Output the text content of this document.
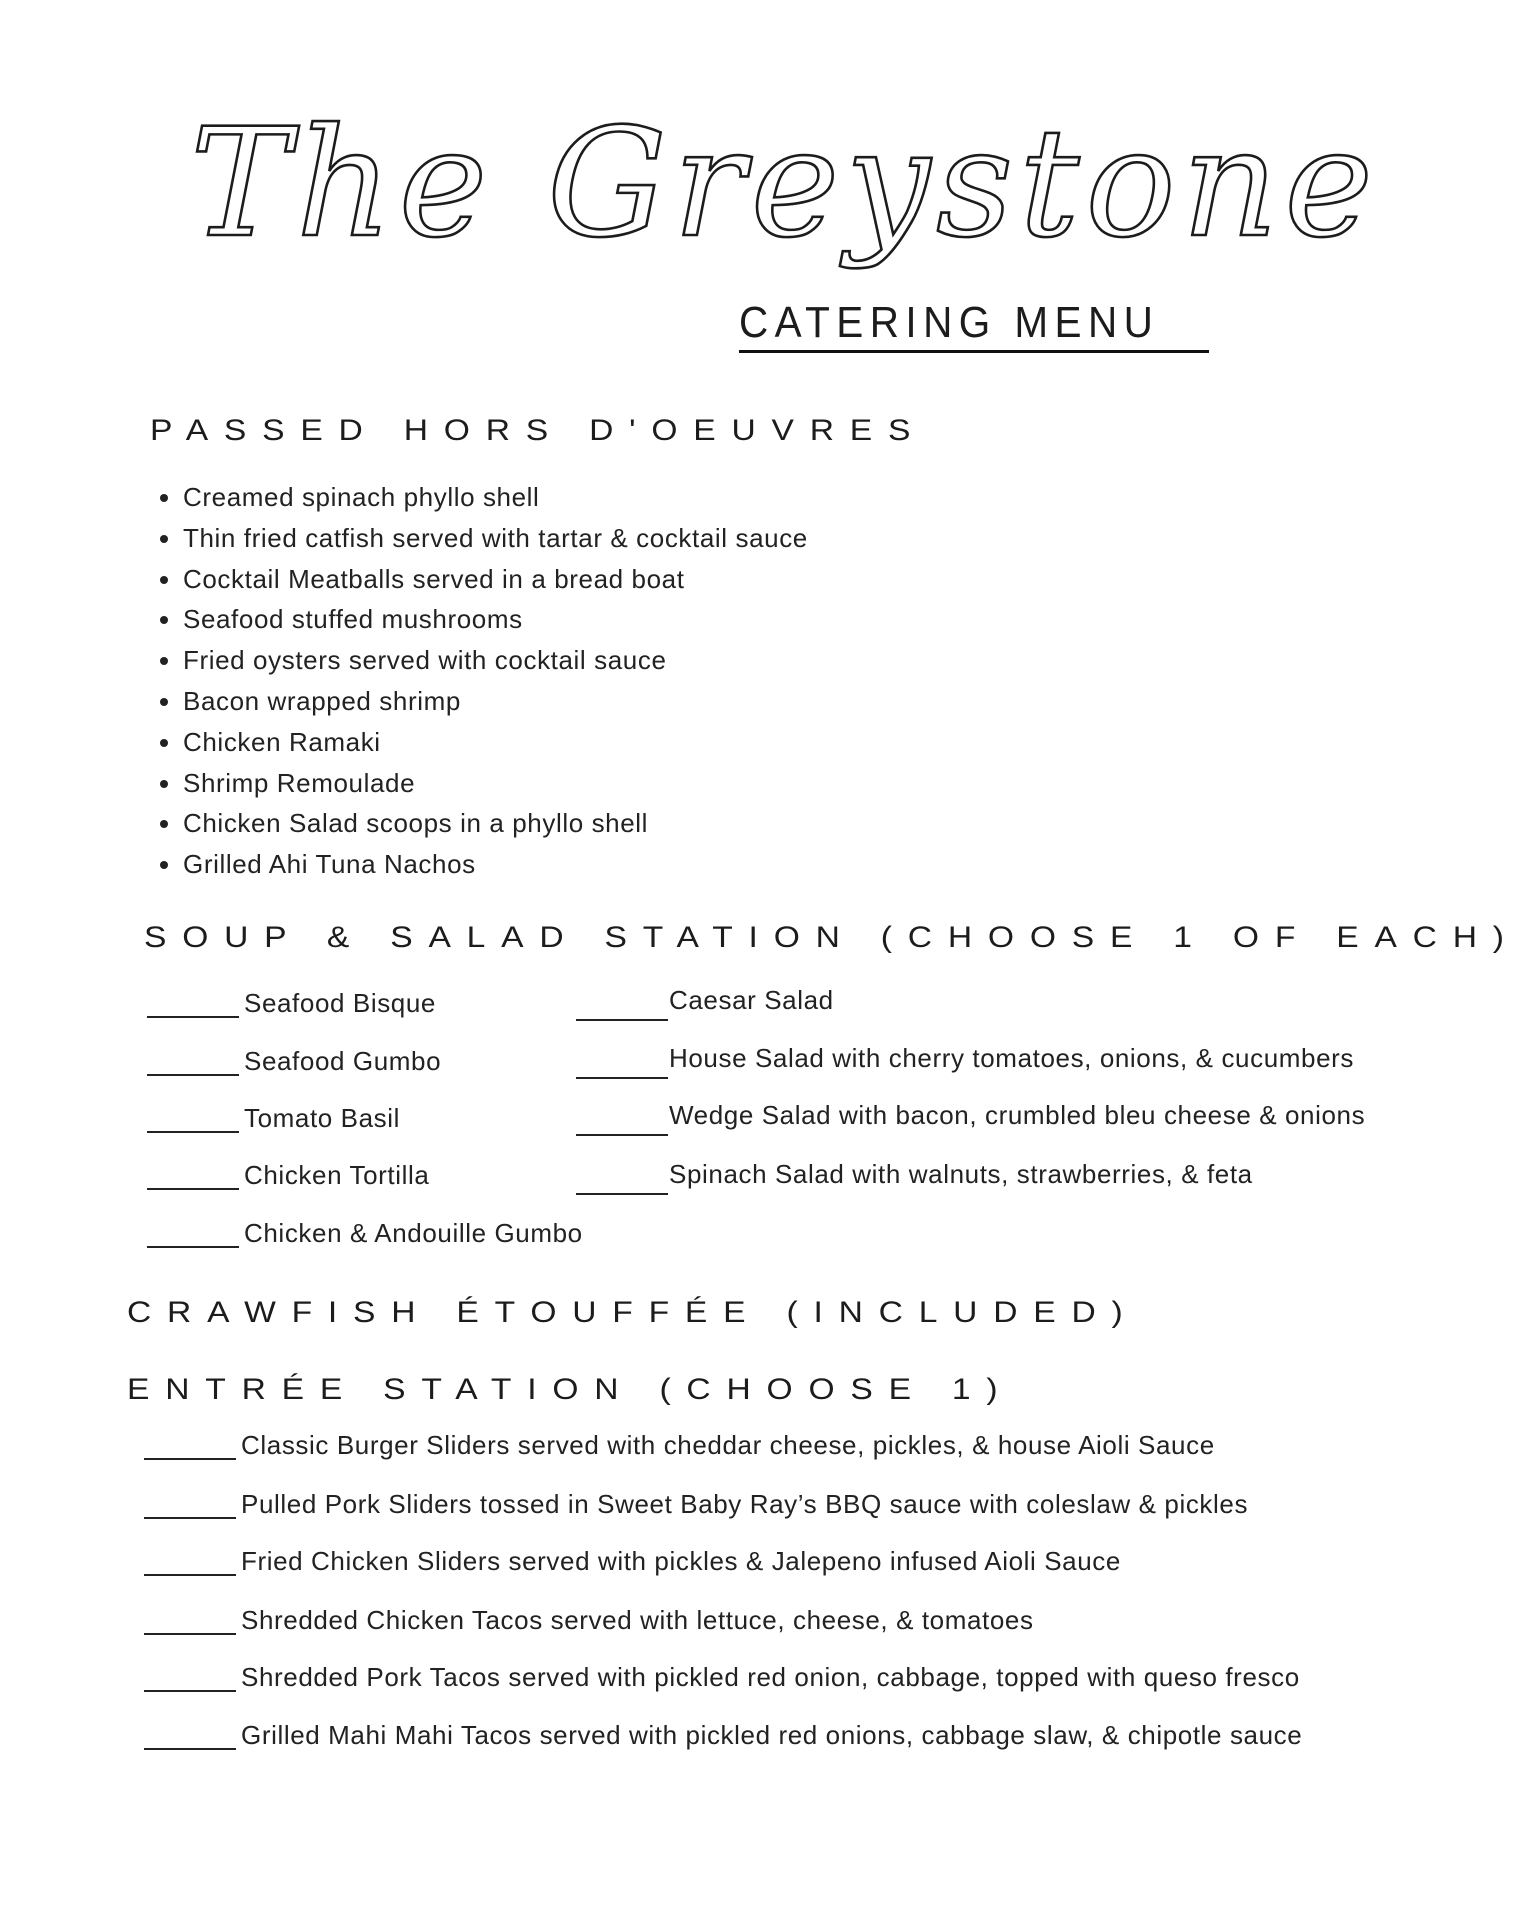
The Greystone
CATERING MENU
PASSED HORS D'OEUVRES
• Creamed spinach phyllo shell
• Thin fried catfish served with tartar & cocktail sauce
• Cocktail Meatballs served in a bread boat
• Seafood stuffed mushrooms
• Fried oysters served with cocktail sauce
• Bacon wrapped shrimp
• Chicken Ramaki
• Shrimp Remoulade
• Chicken Salad scoops in a phyllo shell
• Grilled Ahi Tuna Nachos
SOUP & SALAD STATION (CHOOSE 1 OF EACH)
Seafood Bisque
Seafood Gumbo
Tomato Basil
Chicken Tortilla
Chicken & Andouille Gumbo
Caesar Salad
House Salad with cherry tomatoes, onions, & cucumbers
Wedge Salad with bacon, crumbled bleu cheese & onions
Spinach Salad with walnuts, strawberries, & feta
CRAWFISH ÉTOUFFÉE (INCLUDED)
ENTRÉE STATION (CHOOSE 1)
Classic Burger Sliders served with cheddar cheese, pickles, & house Aioli Sauce
Pulled Pork Sliders tossed in Sweet Baby Ray’s BBQ sauce with coleslaw & pickles
Fried Chicken Sliders served with pickles & Jalepeno infused Aioli Sauce
Shredded Chicken Tacos served with lettuce, cheese, & tomatoes
Shredded Pork Tacos served with pickled red onion, cabbage, topped with queso fresco
Grilled Mahi Mahi Tacos served with pickled red onions, cabbage slaw, & chipotle sauce
